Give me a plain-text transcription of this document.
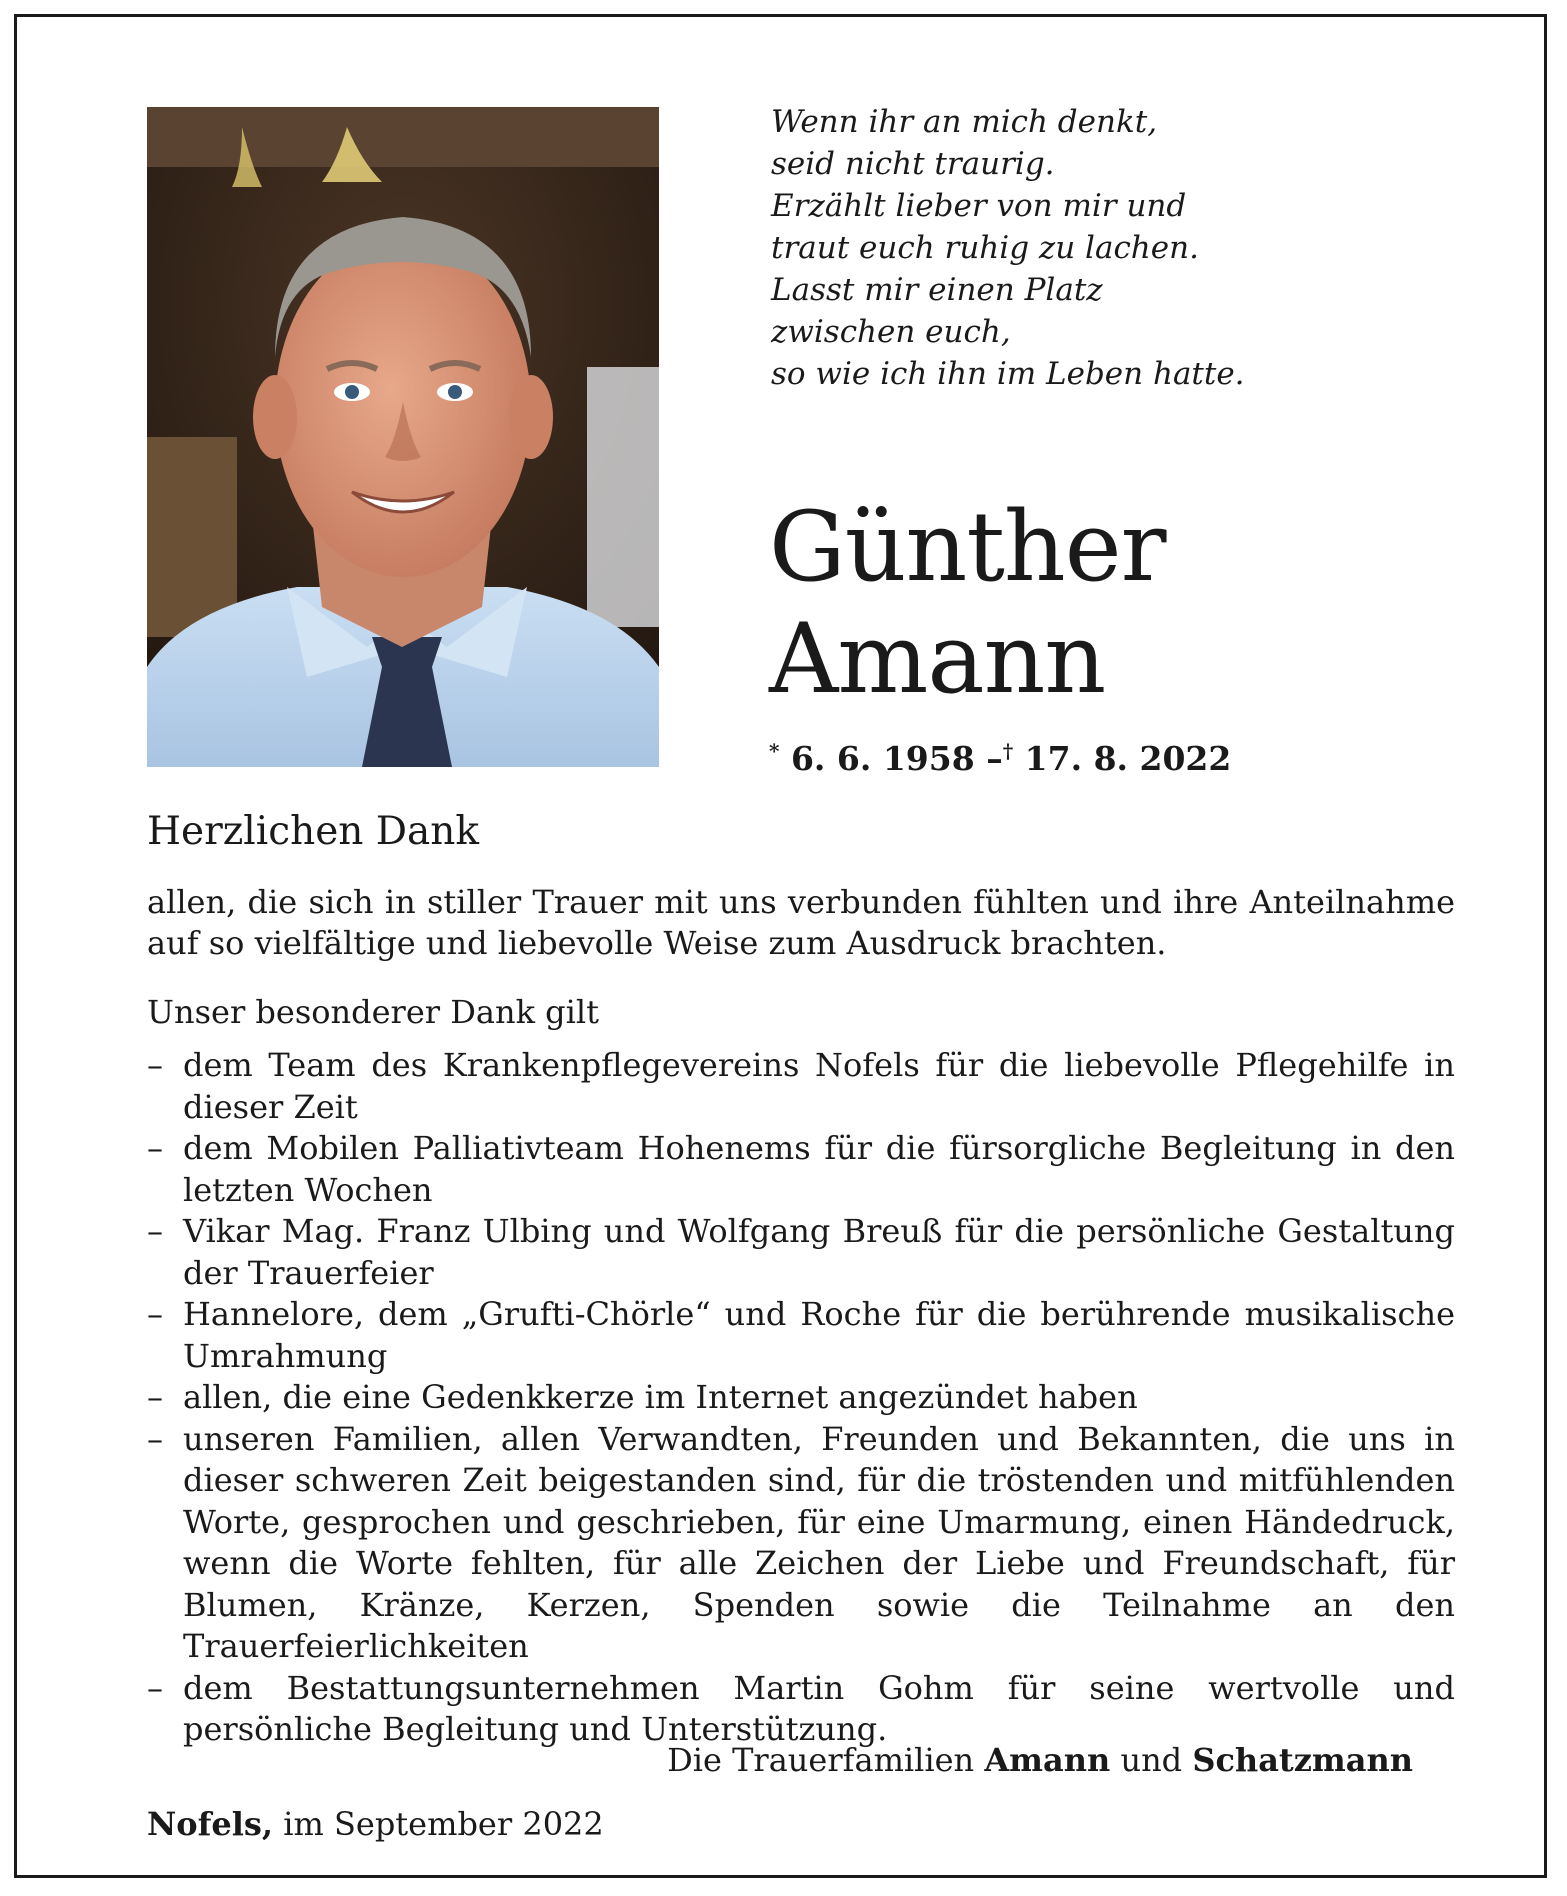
Wenn ihr an mich denkt,
seid nicht traurig.
Erzählt lieber von mir und
traut euch ruhig zu lachen.
Lasst mir einen Platz
zwischen euch,
so wie ich ihn im Leben hatte.
Günther
Amann
* 6. 6. 1958 –† 17. 8. 2022
Herzlichen Dank
allen, die sich in stiller Trauer mit uns verbunden fühlten und ihre Anteilnahme auf so vielfältige und liebevolle Weise zum Ausdruck brachten.
Unser besonderer Dank gilt
– dem Team des Krankenpflegevereins Nofels für die liebevolle Pflegehilfe in dieser Zeit
– dem Mobilen Palliativteam Hohenems für die fürsorgliche Begleitung in den letzten Wochen
– Vikar Mag. Franz Ulbing und Wolfgang Breuß für die persönliche Gestaltung der Trauerfeier
– Hannelore, dem „Grufti-Chörle“ und Roche für die berührende musikalische Umrahmung
– allen, die eine Gedenkkerze im Internet angezündet haben
– unseren Familien, allen Verwandten, Freunden und Bekannten, die uns in dieser schweren Zeit beigestanden sind, für die tröstenden und mitfühlenden Worte, gesprochen und geschrieben, für eine Umarmung, einen Händedruck, wenn die Worte fehlten, für alle Zeichen der Liebe und Freundschaft, für Blumen, Kränze, Kerzen, Spenden sowie die Teilnahme an den Trauerfeierlichkeiten
– dem Bestattungsunternehmen Martin Gohm für seine wertvolle und persönliche Begleitung und Unterstützung.
Die Trauerfamilien Amann und Schatzmann
Nofels, im September 2022
